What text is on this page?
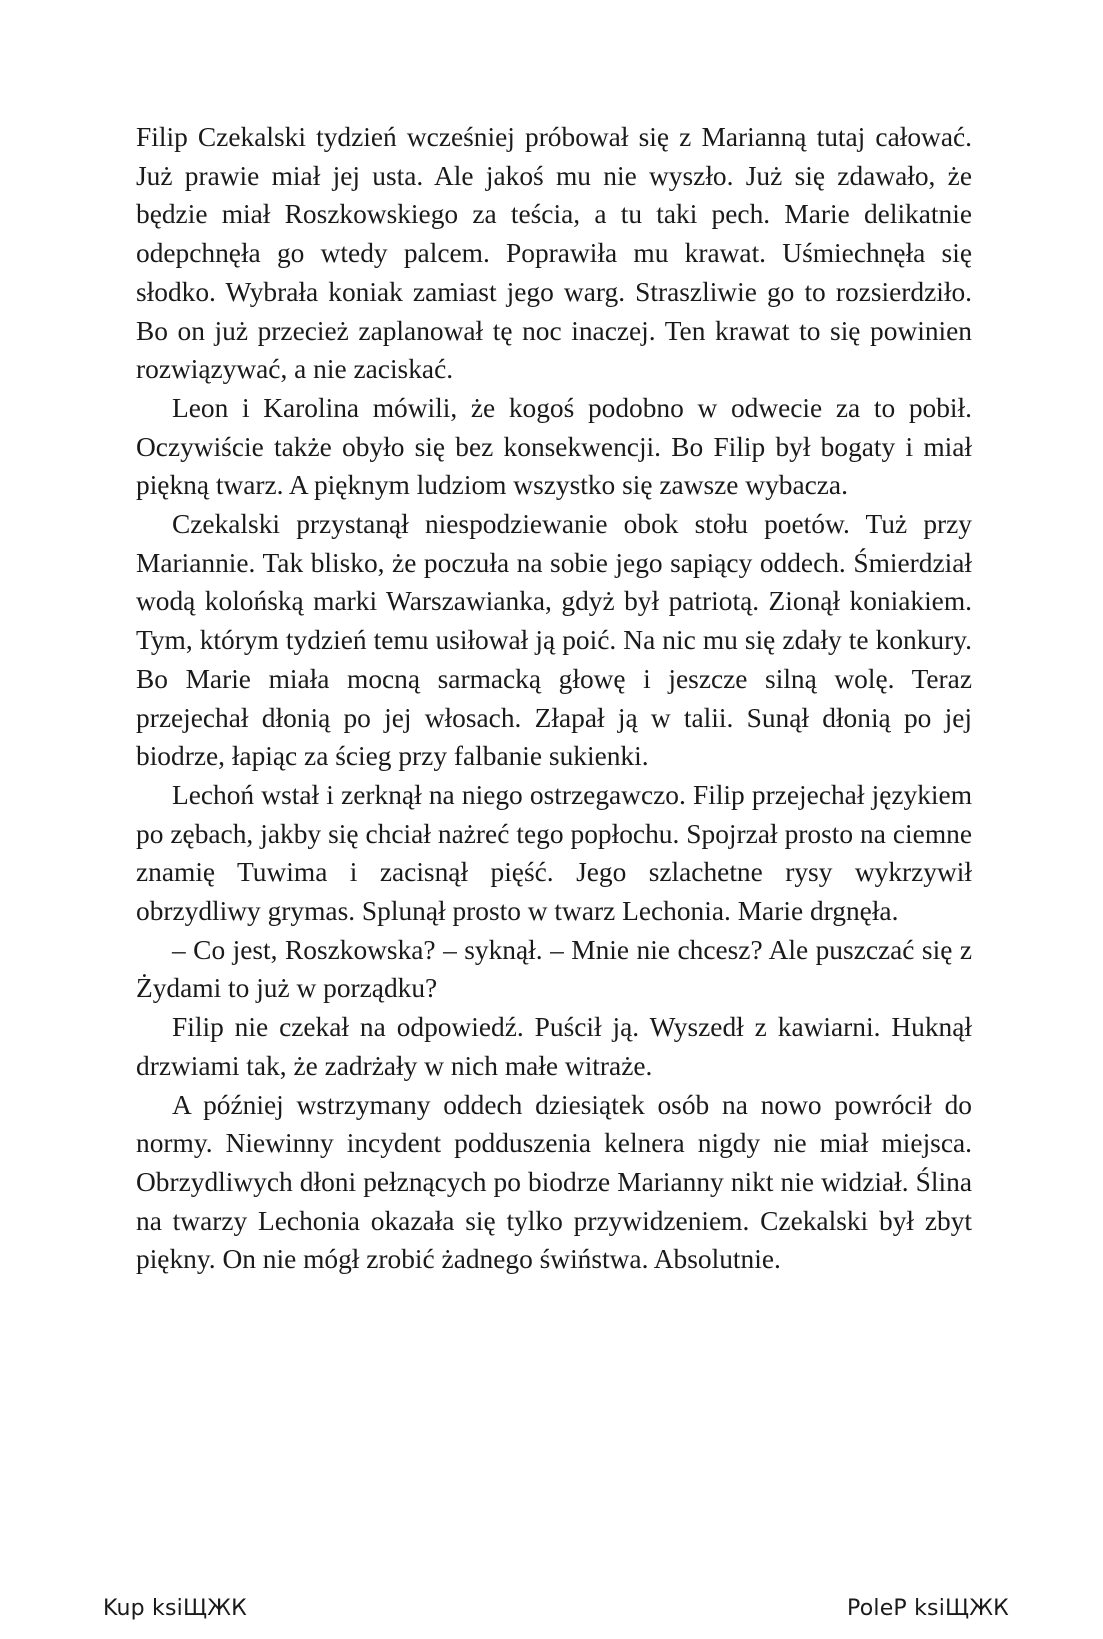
Filip Czekalski tydzień wcześniej próbował się z Marianną tutaj całować. Już prawie miał jej usta. Ale jakoś mu nie wyszło. Już się zdawało, że będzie miał Roszkowskiego za teścia, a tu taki pech. Marie delikatnie odepchnęła go wtedy palcem. Poprawiła mu krawat. Uśmiechnęła się słodko. Wybrała koniak zamiast jego warg. Straszliwie go to rozsierdziło. Bo on już przecież zaplanował tę noc inaczej. Ten krawat to się powinien rozwiązywać, a nie zaciskać.

Leon i Karolina mówili, że kogoś podobno w odwecie za to pobił. Oczywiście także obyło się bez konsekwencji. Bo Filip był bogaty i miał piękną twarz. A pięknym ludziom wszystko się zawsze wybacza.

Czekalski przystanął niespodziewanie obok stołu poetów. Tuż przy Mariannie. Tak blisko, że poczuła na sobie jego sapiący oddech. Śmierdział wodą kolońską marki Warszawianka, gdyż był patriotą. Zionął koniakiem. Tym, którym tydzień temu usiłował ją poić. Na nic mu się zdały te konkury. Bo Marie miała mocną sarmacką głowę i jeszcze silną wolę. Teraz przejechał dłonią po jej włosach. Złapał ją w talii. Sunął dłonią po jej biodrze, łapiąc za ścieg przy falbanie sukienki.

Lechoń wstał i zerknął na niego ostrzegawczo. Filip przejechał językiem po zębach, jakby się chciał nażreć tego popłochu. Spojrzał prosto na ciemne znamię Tuwima i zacisnął pięść. Jego szlachetne rysy wykrzywił obrzydliwy grymas. Splunął prosto w twarz Lechonia. Marie drgnęła.

– Co jest, Roszkowska? – syknął. – Mnie nie chcesz? Ale puszczać się z Żydami to już w porządku?

Filip nie czekał na odpowiedź. Puścił ją. Wyszedł z kawiarni. Huknął drzwiami tak, że zadrżały w nich małe witraże.

A później wstrzymany oddech dziesiątek osób na nowo powrócił do normy. Niewinny incydent podduszenia kelnera nigdy nie miał miejsca. Obrzydliwych dłoni pełznących po biodrze Marianny nikt nie widział. Ślina na twarzy Lechonia okazała się tylko przywidzeniem. Czekalski był zbyt piękny. On nie mógł zrobić żadnego świństwa. Absolutnie.

Kup ksiЩЖК	PoleP ksiЩЖК
